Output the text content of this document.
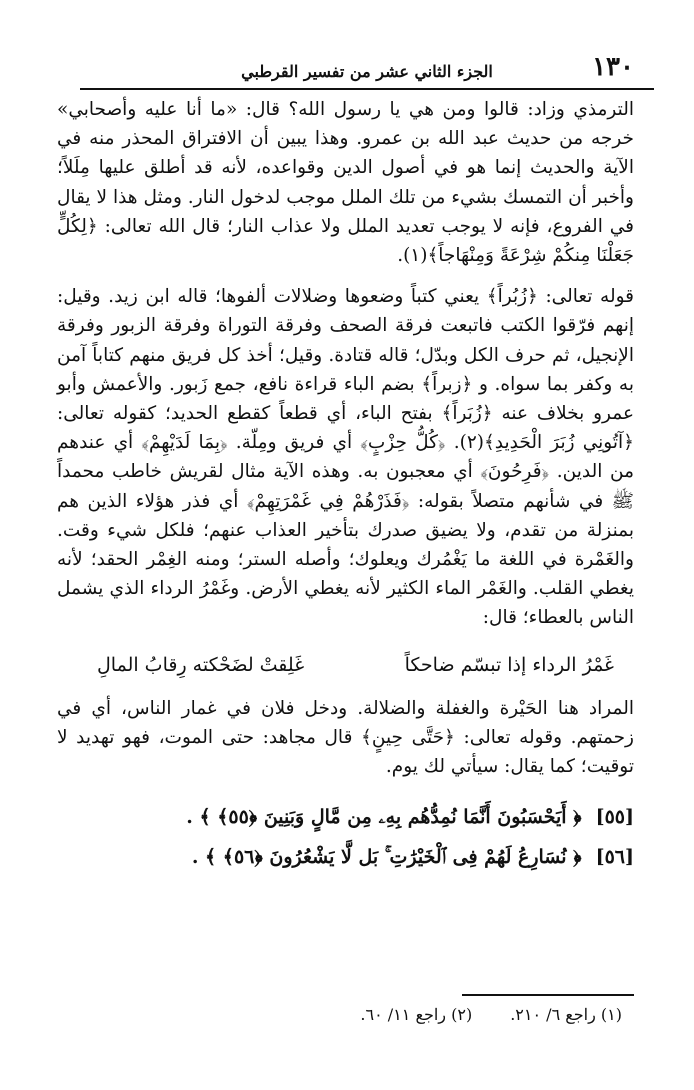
١٣٠
الجزء الثاني عشر من تفسير القرطبي

الترمذي وزاد: قالوا ومن هي يا رسول الله؟ قال: «ما أنا عليه وأصحابي» خرجه من حديث عبد الله بن عمرو. وهذا يبين أن الافتراق المحذر منه في الآية والحديث إنما هو في أصول الدين وقواعده، لأنه قد أطلق عليها مِلَلاً؛ وأخبر أن التمسك بشيء من تلك الملل موجب لدخول النار. ومثل هذا لا يقال في الفروع، فإنه لا يوجب تعديد الملل ولا عذاب النار؛ قال الله تعالى: ﴿لِكُلٍّ جَعَلْنَا مِنكُمْ شِرْعَةً وَمِنْهَاجاً﴾(١).

قوله تعالى: ﴿زُبُراً﴾ يعني كتباً وضعوها وضلالات ألفوها؛ قاله ابن زيد. وقيل: إنهم فرّقوا الكتب فاتبعت فرقة الصحف وفرقة التوراة وفرقة الزبور وفرقة الإنجيل، ثم حرف الكل وبدّل؛ قاله قتادة. وقيل؛ أخذ كل فريق منهم كتاباً آمن به وكفر بما سواه. و ﴿زبراً﴾ بضم الباء قراءة نافع، جمع زَبور. والأعمش وأبو عمرو بخلاف عنه ﴿زُبَراً﴾ بفتح الباء، أي قطعاً كقطع الحديد؛ كقوله تعالى: ﴿آتُونِي زُبَرَ الْحَدِيدِ﴾(٢). ﴿كُلُّ حِزْبٍ﴾ أي فريق ومِلّة. ﴿بِمَا لَدَيْهِمْ﴾ أي عندهم من الدين. ﴿فَرِحُونَ﴾ أي معجبون به. وهذه الآية مثال لقريش خاطب محمداً ﷺ في شأنهم متصلاً بقوله: ﴿فَذَرْهُمْ فِي غَمْرَتِهِمْ﴾ أي فذر هؤلاء الذين هم بمنزلة من تقدم، ولا يضيق صدرك بتأخير العذاب عنهم؛ فلكل شيء وقت. والغَمْرة في اللغة ما يَغْمُرك ويعلوك؛ وأصله الستر؛ ومنه الغِمْر الحقد؛ لأنه يغطي القلب. والغَمْر الماء الكثير لأنه يغطي الأرض. وغَمْرُ الرداء الذي يشمل الناس بالعطاء؛ قال:

غَمْرُ الرداء إذا تبسّم ضاحكاً
غَلِقتْ لضَحْكته رِقابُ المالِ

المراد هنا الحَيْرة والغفلة والضلالة. ودخل فلان في غمار الناس، أي في زحمتهم. وقوله تعالى: ﴿حَتَّى حِينٍ﴾ قال مجاهد: حتى الموت، فهو تهديد لا توقيت؛ كما يقال: سيأتي لك يوم.

[٥٥]﴿ أَيَحْسَبُونَ أَنَّمَا نُمِدُّهُم بِهِۦ مِن مَّالٍ وَبَنِينَ ﴿٥٥﴾ ﴾ .
[٥٦]﴿ نُسَارِعُ لَهُمْ فِى ٱلْخَيْرَٰتِ ۚ بَل لَّا يَشْعُرُونَ ﴿٥٦﴾ ﴾ .
(١) راجع ٦/ ٢١٠.
(٢) راجع ١١/ ٦٠.
